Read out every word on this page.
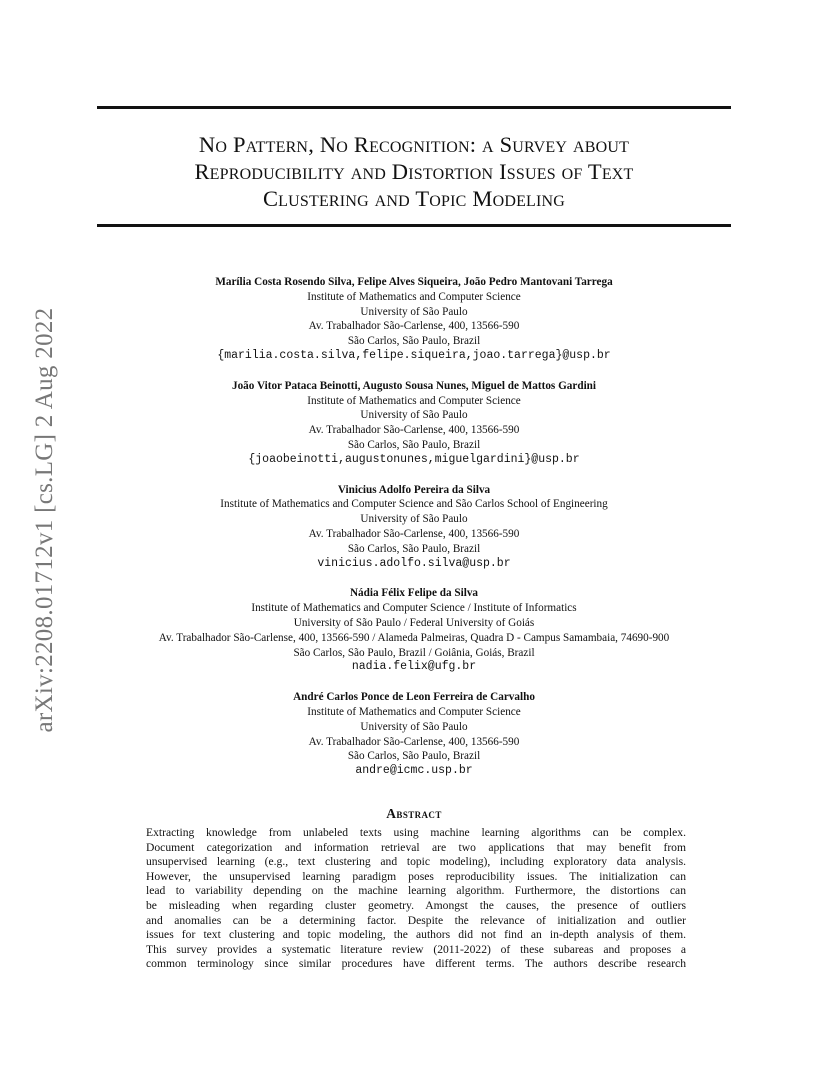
No Pattern, No Recognition: a Survey about
Reproducibility and Distortion Issues of Text
Clustering and Topic Modeling
arXiv:2208.01712v1 [cs.LG] 2 Aug 2022
Marília Costa Rosendo Silva, Felipe Alves Siqueira, João Pedro Mantovani Tarrega
Institute of Mathematics and Computer Science
University of São Paulo
Av. Trabalhador São-Carlense, 400, 13566-590
São Carlos, São Paulo, Brazil
{marilia.costa.silva,felipe.siqueira,joao.tarrega}@usp.br
João Vitor Pataca Beinotti, Augusto Sousa Nunes, Miguel de Mattos Gardini
Institute of Mathematics and Computer Science
University of São Paulo
Av. Trabalhador São-Carlense, 400, 13566-590
São Carlos, São Paulo, Brazil
{joaobeinotti,augustonunes,miguelgardini}@usp.br
Vinicius Adolfo Pereira da Silva
Institute of Mathematics and Computer Science and São Carlos School of Engineering
University of São Paulo
Av. Trabalhador São-Carlense, 400, 13566-590
São Carlos, São Paulo, Brazil
vinicius.adolfo.silva@usp.br
Nádia Félix Felipe da Silva
Institute of Mathematics and Computer Science / Institute of Informatics
University of São Paulo / Federal University of Goiás
Av. Trabalhador São-Carlense, 400, 13566-590 / Alameda Palmeiras, Quadra D - Campus Samambaia, 74690-900
São Carlos, São Paulo, Brazil / Goiânia, Goiás, Brazil
nadia.felix@ufg.br
André Carlos Ponce de Leon Ferreira de Carvalho
Institute of Mathematics and Computer Science
University of São Paulo
Av. Trabalhador São-Carlense, 400, 13566-590
São Carlos, São Paulo, Brazil
andre@icmc.usp.br
Abstract
Extracting knowledge from unlabeled texts using machine learning algorithms can be complex.
Document categorization and information retrieval are two applications that may benefit from
unsupervised learning (e.g., text clustering and topic modeling), including exploratory data analysis.
However, the unsupervised learning paradigm poses reproducibility issues. The initialization can
lead to variability depending on the machine learning algorithm. Furthermore, the distortions can
be misleading when regarding cluster geometry. Amongst the causes, the presence of outliers
and anomalies can be a determining factor. Despite the relevance of initialization and outlier
issues for text clustering and topic modeling, the authors did not find an in-depth analysis of them.
This survey provides a systematic literature review (2011-2022) of these subareas and proposes a
common terminology since similar procedures have different terms. The authors describe research
